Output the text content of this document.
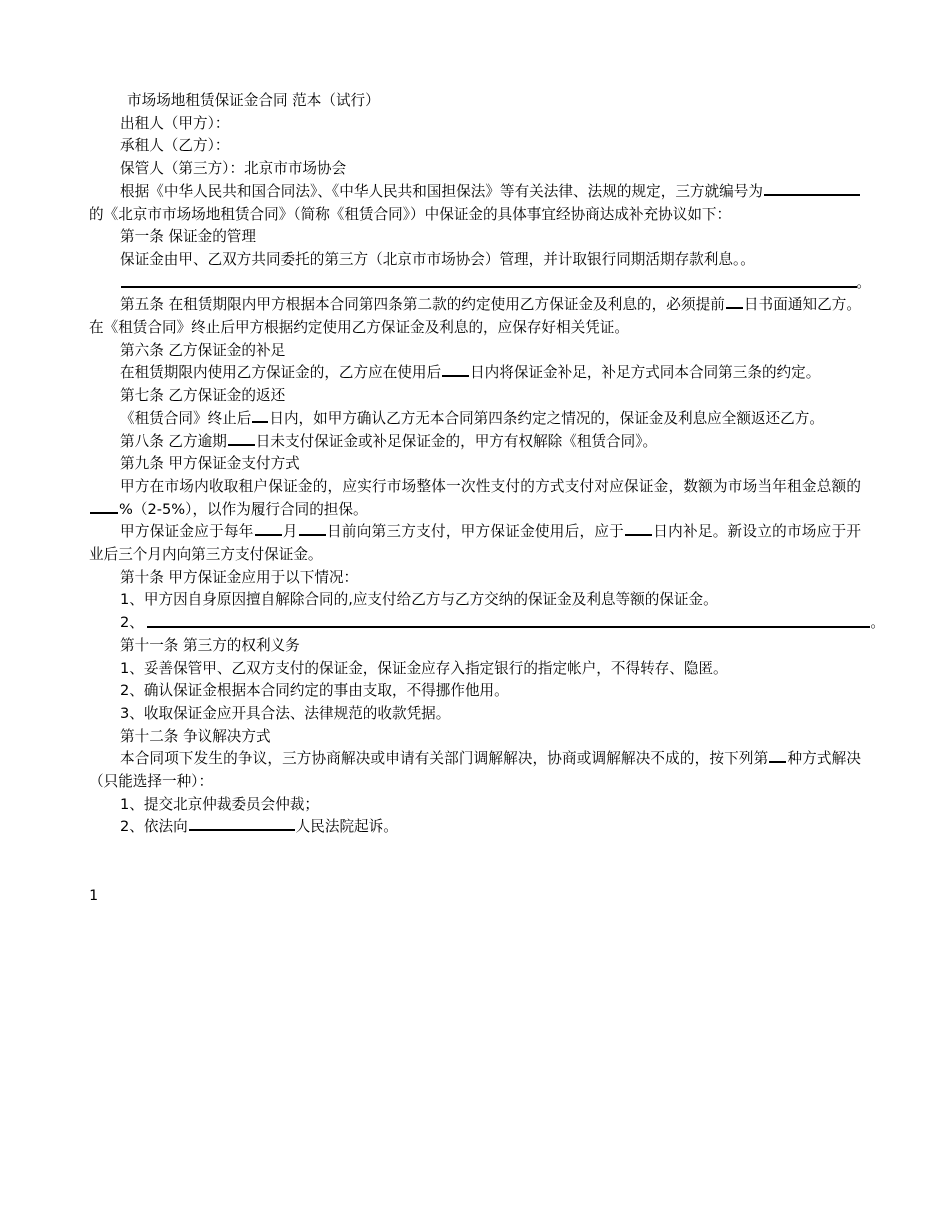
市场场地租赁保证金合同 范本（试行）

出租人（甲方）：

承租人（乙方）：

保管人（第三方）：北京市市场协会

根据《中华人民共和国合同法》、《中华人民共和国担保法》等有关法律、法规的规定，三方就编号为的《北京市市场场地租赁合同》（简称《租赁合同》）中保证金的具体事宜经协商达成补充协议如下：

第一条 保证金的管理

保证金由甲、乙双方共同委托的第三方（北京市市场协会）管理，并计取银行同期活期存款利息。。

。

第五条 在租赁期限内甲方根据本合同第四条第二款的约定使用乙方保证金及利息的，必须提前 日书面通知乙方。在《租赁合同》终止后甲方根据约定使用乙方保证金及利息的，应保存好相关凭证。

第六条 乙方保证金的补足

在租赁期限内使用乙方保证金的，乙方应在使用后 日内将保证金补足，补足方式同本合同第三条的约定。

第七条 乙方保证金的返还

《租赁合同》终止后 日内，如甲方确认乙方无本合同第四条约定之情况的，保证金及利息应全额返还乙方。

第八条 乙方逾期 日未支付保证金或补足保证金的，甲方有权解除《租赁合同》。

第九条 甲方保证金支付方式

甲方在市场内收取租户保证金的，应实行市场整体一次性支付的方式支付对应保证金，数额为市场当年租金总额的%（2-5%），以作为履行合同的担保。

甲方保证金应于每年 月 日前向第三方支付，甲方保证金使用后，应于 日内补足。新设立的市场应于开业后三个月内向第三方支付保证金。

第十条 甲方保证金应用于以下情况：

1、甲方因自身原因擅自解除合同的,应支付给乙方与乙方交纳的保证金及利息等额的保证金。

2、	。

第十一条 第三方的权利义务

1、妥善保管甲、乙双方支付的保证金，保证金应存入指定银行的指定帐户，不得转存、隐匿。

2、确认保证金根据本合同约定的事由支取，不得挪作他用。

3、收取保证金应开具合法、法律规范的收款凭据。

第十二条 争议解决方式

本合同项下发生的争议，三方协商解决或申请有关部门调解解决，协商或调解解决不成的，按下列第 种方式解决（只能选择一种）：

1、提交北京仲裁委员会仲裁；

2、依法向	人民法院起诉。

1
